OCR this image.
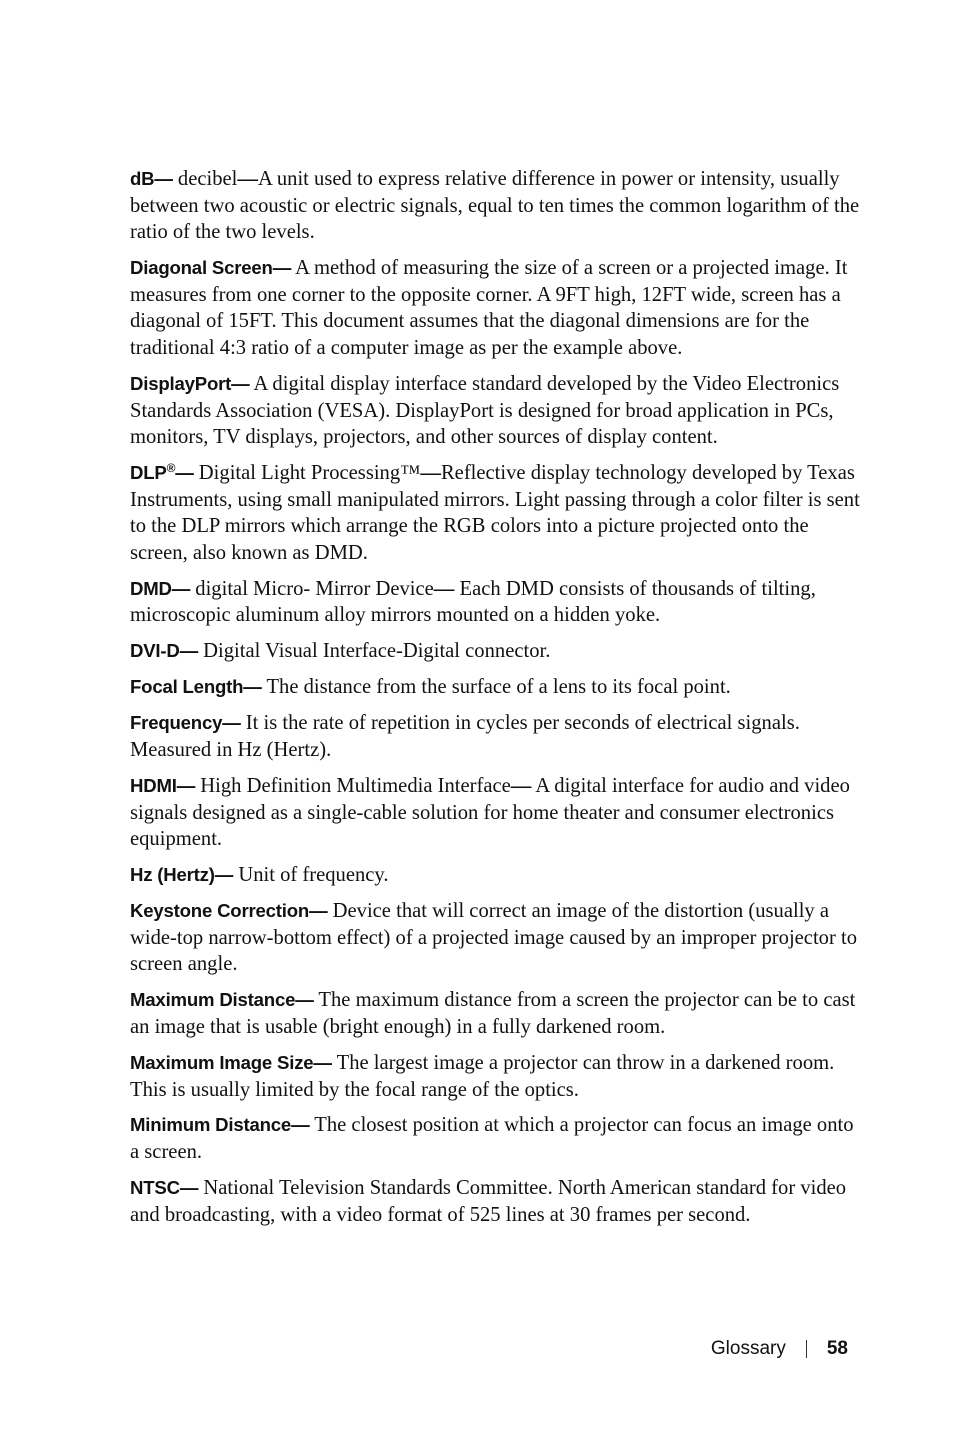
dB— decibel—A unit used to express relative difference in power or intensity, usually between two acoustic or electric signals, equal to ten times the common logarithm of the ratio of the two levels.

Diagonal Screen— A method of measuring the size of a screen or a projected image. It measures from one corner to the opposite corner. A 9FT high, 12FT wide, screen has a diagonal of 15FT. This document assumes that the diagonal dimensions are for the traditional 4:3 ratio of a computer image as per the example above.

DisplayPort— A digital display interface standard developed by the Video Electronics Standards Association (VESA). DisplayPort is designed for broad application in PCs, monitors, TV displays, projectors, and other sources of display content.

DLP®— Digital Light Processing™—Reflective display technology developed by Texas Instruments, using small manipulated mirrors. Light passing through a color filter is sent to the DLP mirrors which arrange the RGB colors into a picture projected onto the screen, also known as DMD.

DMD— digital Micro- Mirror Device— Each DMD consists of thousands of tilting, microscopic aluminum alloy mirrors mounted on a hidden yoke.

DVI-D— Digital Visual Interface-Digital connector.

Focal Length— The distance from the surface of a lens to its focal point.

Frequency— It is the rate of repetition in cycles per seconds of electrical signals. Measured in Hz (Hertz).

HDMI— High Definition Multimedia Interface— A digital interface for audio and video signals designed as a single-cable solution for home theater and consumer electronics equipment.

Hz (Hertz)— Unit of frequency.

Keystone Correction— Device that will correct an image of the distortion (usually a wide-top narrow-bottom effect) of a projected image caused by an improper projector to screen angle.

Maximum Distance— The maximum distance from a screen the projector can be to cast an image that is usable (bright enough) in a fully darkened room.

Maximum Image Size— The largest image a projector can throw in a darkened room. This is usually limited by the focal range of the optics.

Minimum Distance— The closest position at which a projector can focus an image onto a screen.

NTSC— National Television Standards Committee. North American standard for video and broadcasting, with a video format of 525 lines at 30 frames per second.

Glossary 58
